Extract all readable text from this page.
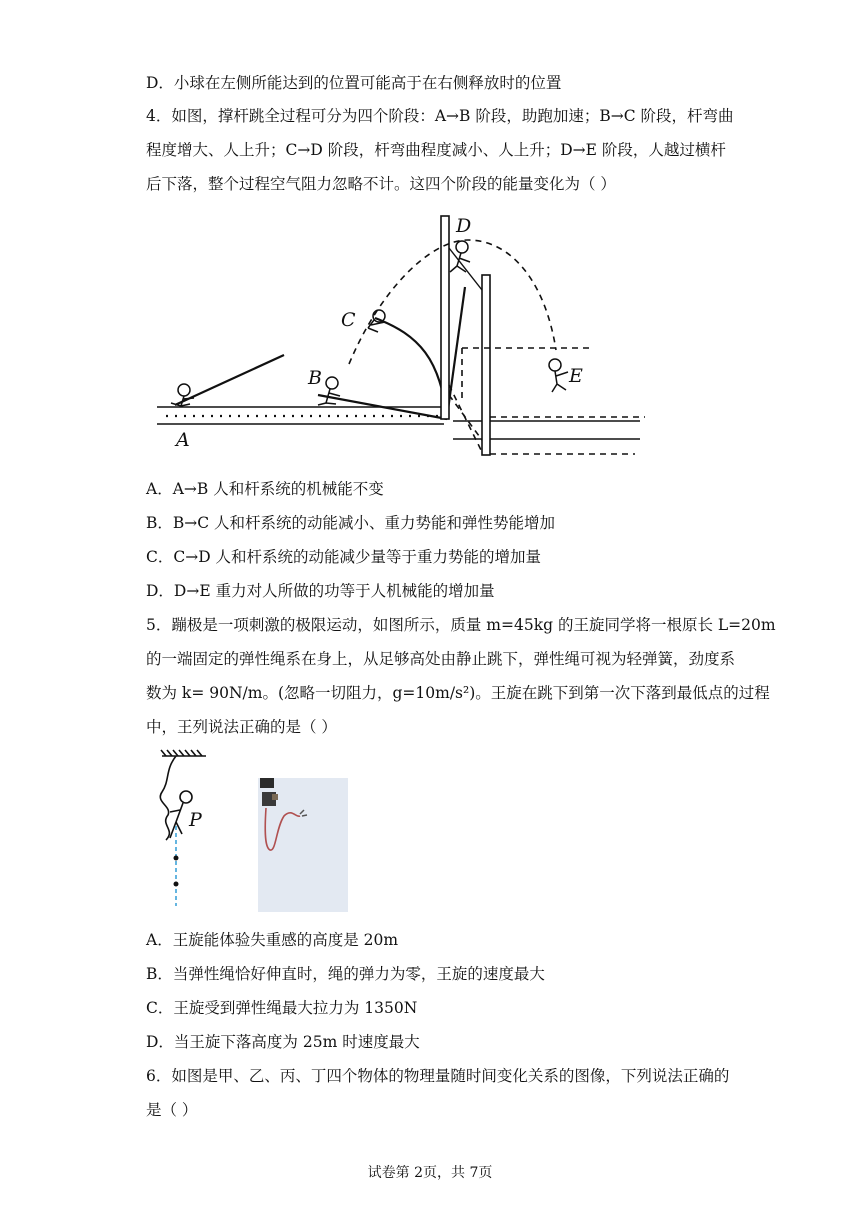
D．小球在左侧所能达到的位置可能高于在右侧释放时的位置
4．如图，撑杆跳全过程可分为四个阶段：A→B 阶段，助跑加速；B→C 阶段，杆弯曲
程度增大、人上升；C→D 阶段，杆弯曲程度减小、人上升；D→E 阶段，人越过横杆
后下落，整个过程空气阻力忽略不计。这四个阶段的能量变化为（ ）
A
B
C
D
E
A．A→B 人和杆系统的机械能不变
B．B→C 人和杆系统的动能减小、重力势能和弹性势能增加
C．C→D 人和杆系统的动能减少量等于重力势能的增加量
D．D→E 重力对人所做的功等于人机械能的增加量
5．蹦极是一项刺激的极限运动，如图所示，质量 m=45kg 的王旋同学将一根原长 L=20m
的一端固定的弹性绳系在身上，从足够高处由静止跳下，弹性绳可视为轻弹簧，劲度系
数为 k= 90N/m。(忽略一切阻力，g=10m/s²)。王旋在跳下到第一次下落到最低点的过程
中，王列说法正确的是（ ）
P
A．王旋能体验失重感的高度是 20m
B．当弹性绳恰好伸直时，绳的弹力为零，王旋的速度最大
C．王旋受到弹性绳最大拉力为 1350N
D．当王旋下落高度为 25m 时速度最大
6．如图是甲、乙、丙、丁四个物体的物理量随时间变化关系的图像，下列说法正确的
是（ ）
试卷第 2页，共 7页
